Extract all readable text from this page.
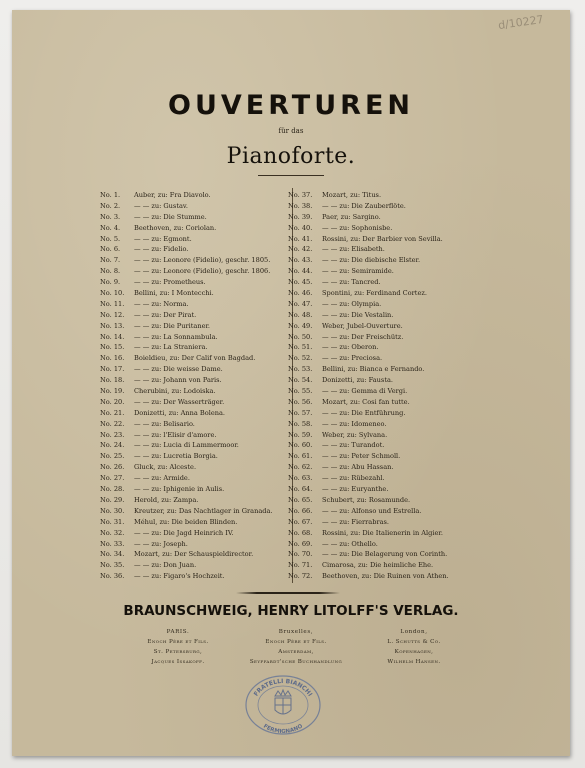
d/10227
OUVERTUREN
für das
Pianoforte.
No. 1.	Auber, zu: Fra Diavolo.
No. 2.	— — zu: Gustav.
No. 3.	— — zu: Die Stumme.
No. 4.	Beethoven, zu: Coriolan.
No. 5.	— — zu: Egmont.
No. 6.	— — zu: Fidelio.
No. 7.	— — zu: Leonore (Fidelio), geschr. 1805.
No. 8.	— — zu: Leonore (Fidelio), geschr. 1806.
No. 9.	— — zu: Prometheus.
No. 10.	Bellini, zu: I Montecchi.
No. 11.	— — zu: Norma.
No. 12.	— — zu: Der Pirat.
No. 13.	— — zu: Die Puritaner.
No. 14.	— — zu: La Sonnambula.
No. 15.	— — zu: La Straniera.
No. 16.	Boieldieu, zu: Der Calif von Bagdad.
No. 17.	— — zu: Die weisse Dame.
No. 18.	— — zu: Johann von Paris.
No. 19.	Cherubini, zu: Lodoiska.
No. 20.	— — zu: Der Wasserträger.
No. 21.	Donizetti, zu: Anna Bolena.
No. 22.	— — zu: Belisario.
No. 23.	— — zu: l'Elisir d'amore.
No. 24.	— — zu: Lucia di Lammermoor.
No. 25.	— — zu: Lucretia Borgia.
No. 26.	Gluck, zu: Alceste.
No. 27.	— — zu: Armide.
No. 28.	— — zu: Iphigenie in Aulis.
No. 29.	Herold, zu: Zampa.
No. 30.	Kreutzer, zu: Das Nachtlager in Granada.
No. 31.	Méhul, zu: Die beiden Blinden.
No. 32.	— — zu: Die Jagd Heinrich IV.
No. 33.	— — zu: Joseph.
No. 34.	Mozart, zu: Der Schauspieldirector.
No. 35.	— — zu: Don Juan.
No. 36.	— — zu: Figaro's Hochzeit.
No. 37.	Mozart, zu: Titus.
No. 38.	— — zu: Die Zauberflöte.
No. 39.	Paer, zu: Sargino.
No. 40.	— — zu: Sophonisbe.
No. 41.	Rossini, zu: Der Barbier von Sevilla.
No. 42.	— — zu: Elisabeth.
No. 43.	— — zu: Die diebische Elster.
No. 44.	— — zu: Semiramide.
No. 45.	— — zu: Tancred.
No. 46.	Spontini, zu: Ferdinand Cortez.
No. 47.	— — zu: Olympia.
No. 48.	— — zu: Die Vestalin.
No. 49.	Weber, Jubel-Ouverture.
No. 50.	— — zu: Der Freischütz.
No. 51.	— — zu: Oberon.
No. 52.	— — zu: Preciosa.
No. 53.	Bellini, zu: Bianca e Fernando.
No. 54.	Donizetti, zu: Fausta.
No. 55.	— — zu: Gemma di Vergi.
No. 56.	Mozart, zu: Cosi fan tutte.
No. 57.	— — zu: Die Entführung.
No. 58.	— — zu: Idomeneo.
No. 59.	Weber, zu: Sylvana.
No. 60.	— — zu: Turandot.
No. 61.	— — zu: Peter Schmoll.
No. 62.	— — zu: Abu Hassan.
No. 63.	— — zu: Rübezahl.
No. 64.	— — zu: Euryanthe.
No. 65.	Schubert, zu: Rosamunde.
No. 66.	— — zu: Alfonso und Estrella.
No. 67.	— — zu: Fierrabras.
No. 68.	Rossini, zu: Die Italienerin in Algier.
No. 69.	— — zu: Othello.
No. 70.	— — zu: Die Belagerung von Corinth.
No. 71.	Cimarosa, zu: Die heimliche Ehe.
No. 72.	Beethoven, zu: Die Ruinen von Athen.
BRAUNSCHWEIG, HENRY LITOLFF'S VERLAG.
PARIS.
Enoch Père et Fils.
St. Petersburg,
Jacques Issakoff.
Bruxelles,
Enoch Père et Fils.
Amsterdam,
Seyffardt'sche Buchhandlung
London,
L. Schutts & Co.
Kopenhagen,
Wilhelm Hansen.
FRATELLI BIANCHI
FERMIGNANO
